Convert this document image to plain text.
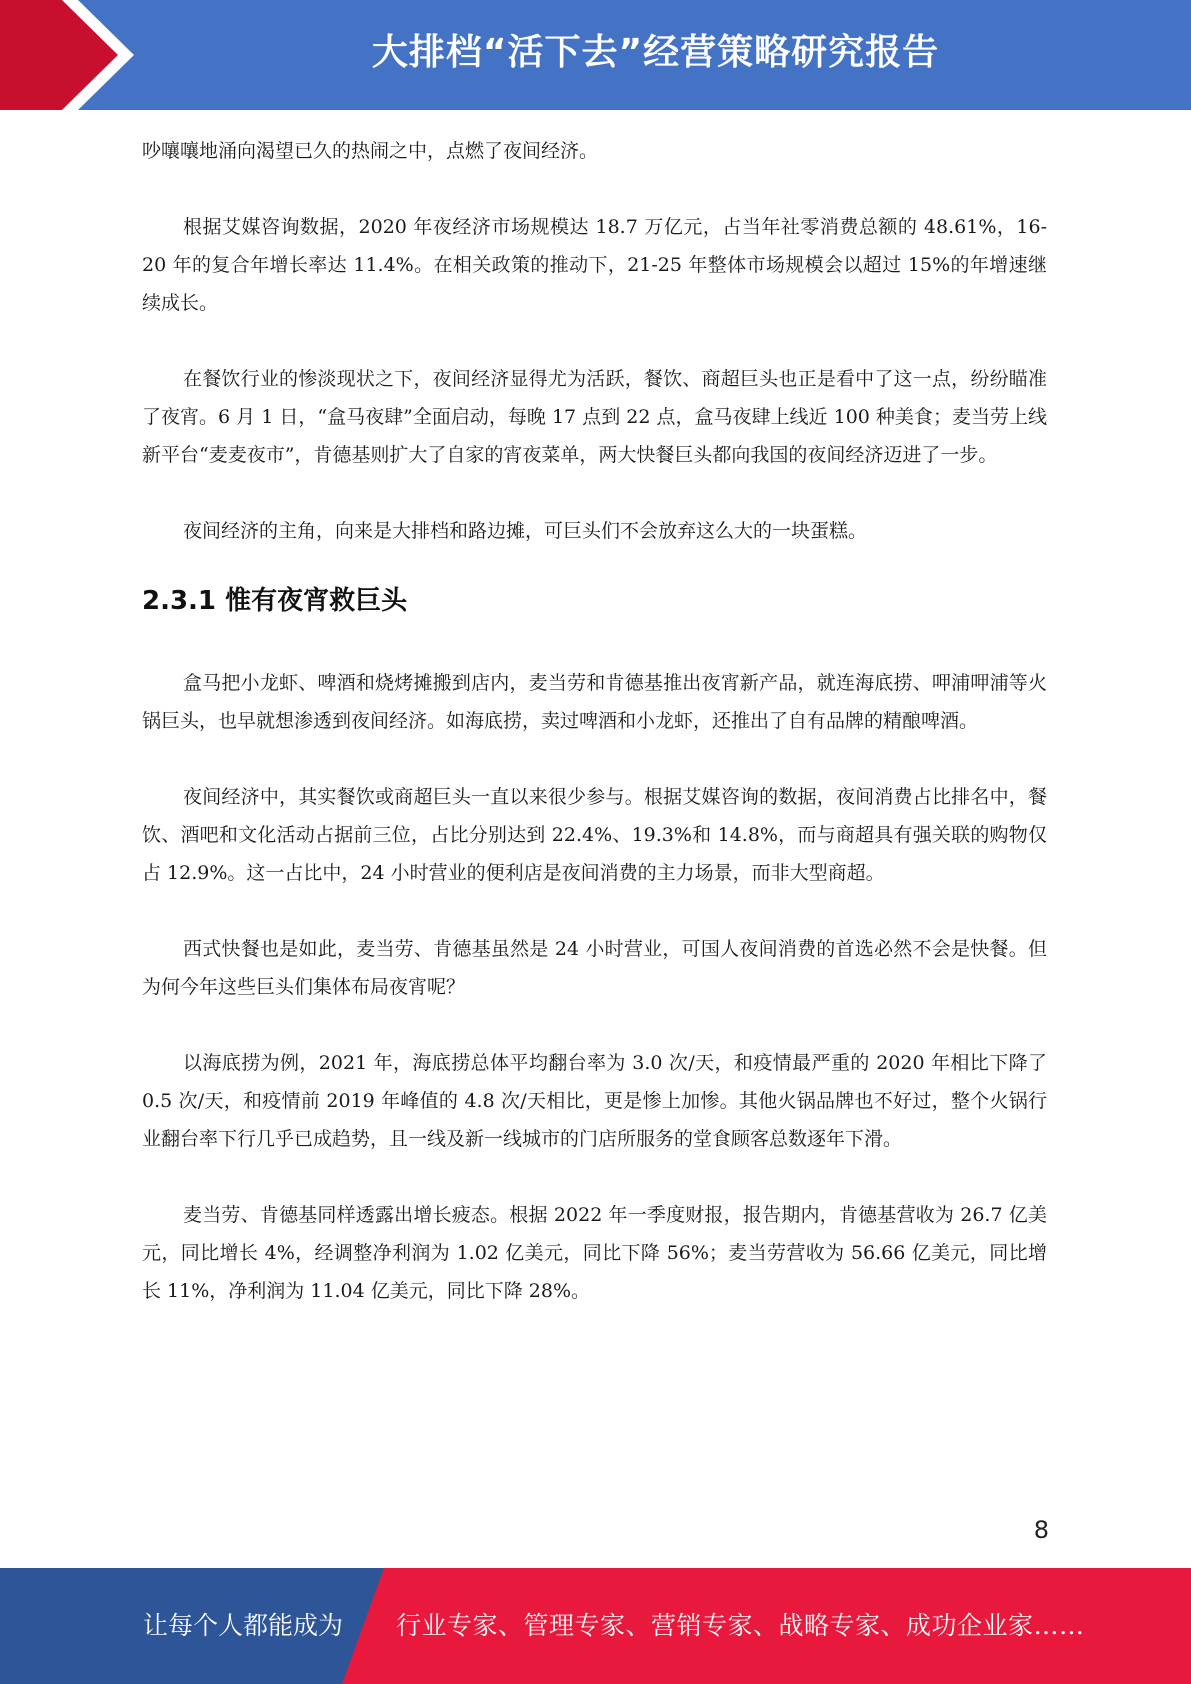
大排档“活下去”经营策略研究报告

吵嚷嚷地涌向渴望已久的热闹之中，点燃了夜间经济。

根据艾媒咨询数据，2020 年夜经济市场规模达 18.7 万亿元，占当年社零消费总额的 48.61%，16-20 年的复合年增长率达 11.4%。在相关政策的推动下，21-25 年整体市场规模会以超过 15%的年增速继续成长。

在餐饮行业的惨淡现状之下，夜间经济显得尤为活跃，餐饮、商超巨头也正是看中了这一点，纷纷瞄准了夜宵。6 月 1 日，“盒马夜肆”全面启动，每晚 17 点到 22 点，盒马夜肆上线近 100 种美食；麦当劳上线新平台“麦麦夜市”，肯德基则扩大了自家的宵夜菜单，两大快餐巨头都向我国的夜间经济迈进了一步。

夜间经济的主角，向来是大排档和路边摊，可巨头们不会放弃这么大的一块蛋糕。

2.3.1 惟有夜宵救巨头

盒马把小龙虾、啤酒和烧烤摊搬到店内，麦当劳和肯德基推出夜宵新产品，就连海底捞、呷浦呷浦等火锅巨头，也早就想渗透到夜间经济。如海底捞，卖过啤酒和小龙虾，还推出了自有品牌的精酿啤酒。

夜间经济中，其实餐饮或商超巨头一直以来很少参与。根据艾媒咨询的数据，夜间消费占比排名中，餐饮、酒吧和文化活动占据前三位，占比分别达到 22.4%、19.3%和 14.8%，而与商超具有强关联的购物仅占 12.9%。这一占比中，24 小时营业的便利店是夜间消费的主力场景，而非大型商超。

西式快餐也是如此，麦当劳、肯德基虽然是 24 小时营业，可国人夜间消费的首选必然不会是快餐。但为何今年这些巨头们集体布局夜宵呢？

以海底捞为例，2021 年，海底捞总体平均翻台率为 3.0 次/天，和疫情最严重的 2020 年相比下降了 0.5 次/天，和疫情前 2019 年峰值的 4.8 次/天相比，更是惨上加惨。其他火锅品牌也不好过，整个火锅行业翻台率下行几乎已成趋势，且一线及新一线城市的门店所服务的堂食顾客总数逐年下滑。

麦当劳、肯德基同样透露出增长疲态。根据 2022 年一季度财报，报告期内，肯德基营收为 26.7 亿美元，同比增长 4%，经调整净利润为 1.02 亿美元，同比下降 56%；麦当劳营收为 56.66 亿美元，同比增长 11%，净利润为 11.04 亿美元，同比下降 28%。

8
让每个人都能成为 行业专家、管理专家、营销专家、战略专家、成功企业家……
